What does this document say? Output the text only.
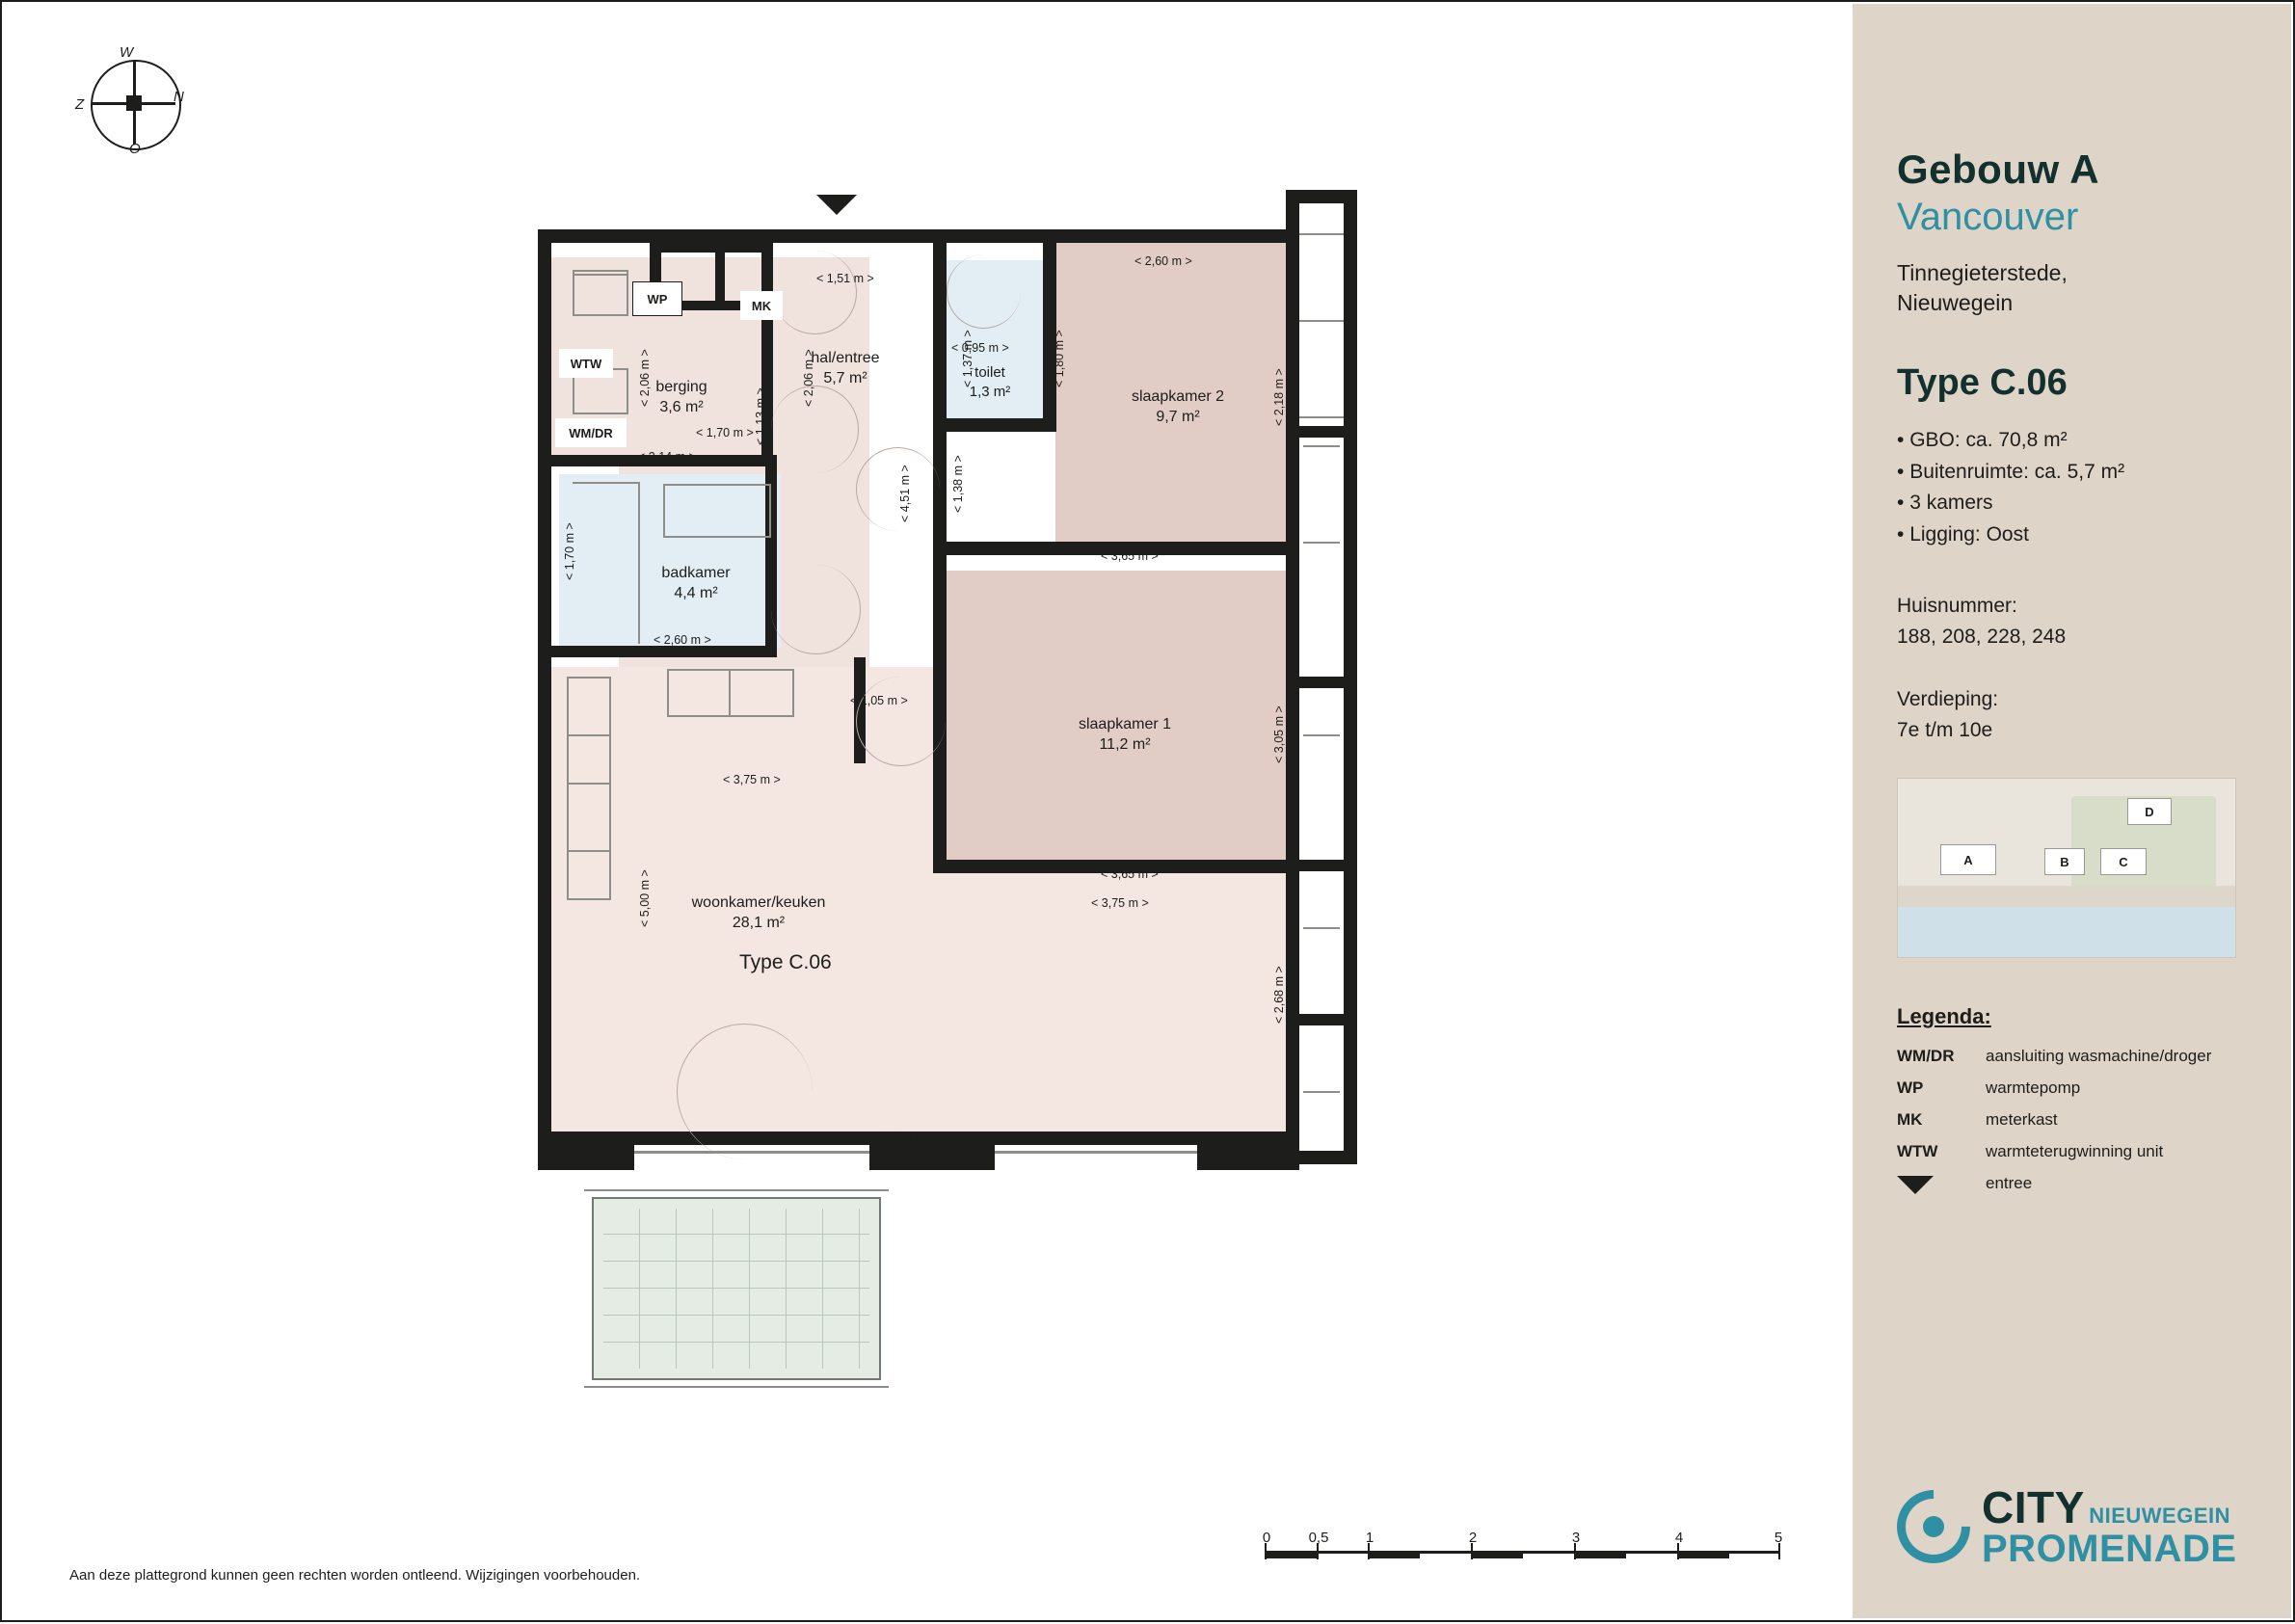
N
O
Z
W
WP	MK
WTW
WM/DR
hal/entree
5,7 m²
berging
3,6 m²
toilet
1,3 m²
badkamer
4,4 m²
slaapkamer 2
9,7 m²
slaapkamer 1
11,2 m²
woonkamer/keuken
28,1 m²
Type C.06

< 1,51 m >
< 2,60 m >
< 0,95 m >
< 1,37 m >	< 1,80 m >
< 2,06 m >	< 2,06 m >
< 1,13 m >
< 1,70 m >
< 2,14 m >
< 4,51 m >	< 1,38 m >
< 2,18 m >
< 3,65 m >
< 1,70 m >
< 2,60 m >
< 1,05 m >
< 3,05 m >
< 3,75 m >
< 5,00 m >	< 3,65 m >
< 3,75 m >
< 2,68 m >
< 7,50 m >
0	0,5	1	2	3	4	5
Aan deze plattegrond kunnen geen rechten worden ontleend. Wijzigingen voorbehouden.
Gebouw A
Vancouver
Tinnegieterstede,
Nieuwegein
Type C.06
• GBO: ca. 70,8 m²
• Buitenruimte: ca. 5,7 m²
• 3 kamers
• Ligging: Oost
Huisnummer:
188, 208, 228, 248
Verdieping:
7e t/m 10e
A	B	C
D
Legenda:
WM/DR	aansluiting wasmachine/droger
WP	warmtepomp
MK	meterkast
WTW	warmteterugwinning unit
entree
CITY NIEUWEGEIN
PROMENADE
